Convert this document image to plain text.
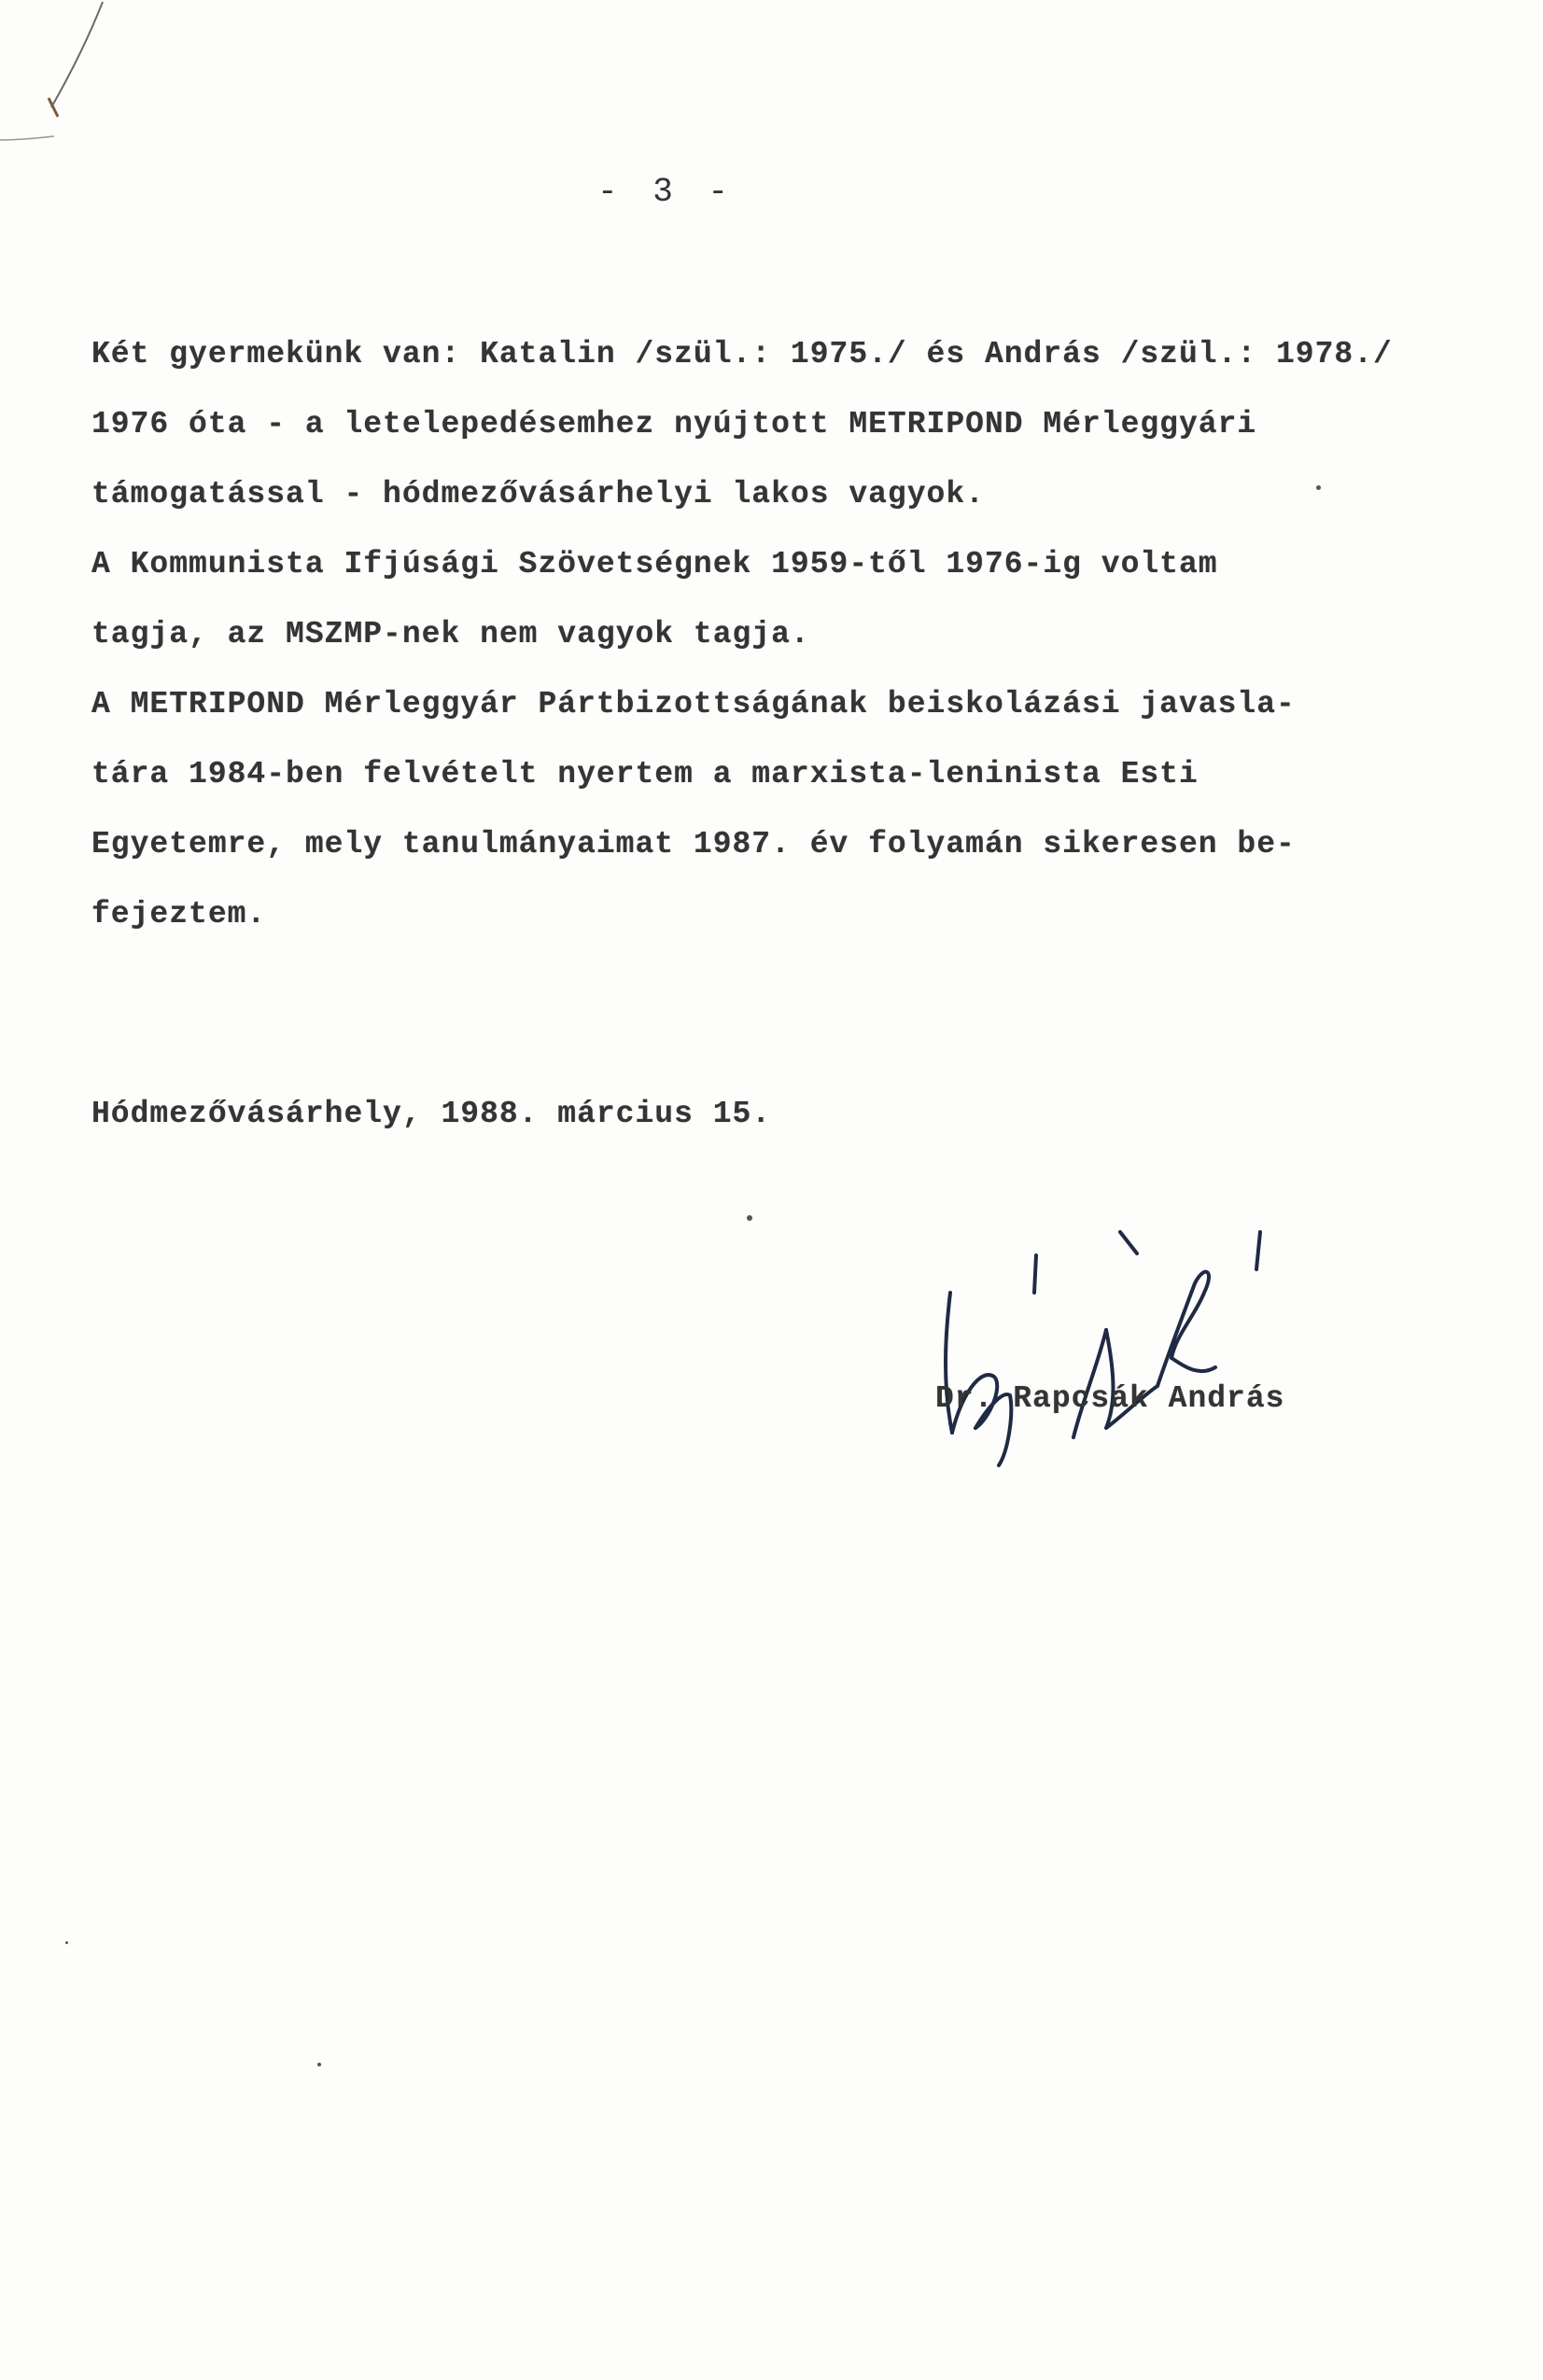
- 3 -
Két gyermekünk van: Katalin /szül.: 1975./ és András /szül.: 1978./
1976 óta - a letelepedésemhez nyújtott METRIPOND Mérleggyári
támogatással - hódmezővásárhelyi lakos vagyok.
A Kommunista Ifjúsági Szövetségnek 1959-től 1976-ig voltam
tagja, az MSZMP-nek nem vagyok tagja.
A METRIPOND Mérleggyár Pártbizottságának beiskolázási javasla-
tára 1984-ben felvételt nyertem a marxista-leninista Esti
Egyetemre, mely tanulmányaimat 1987. év folyamán sikeresen be-
fejeztem.
Hódmezővásárhely, 1988. március 15.
Dr. Rapcsák András
